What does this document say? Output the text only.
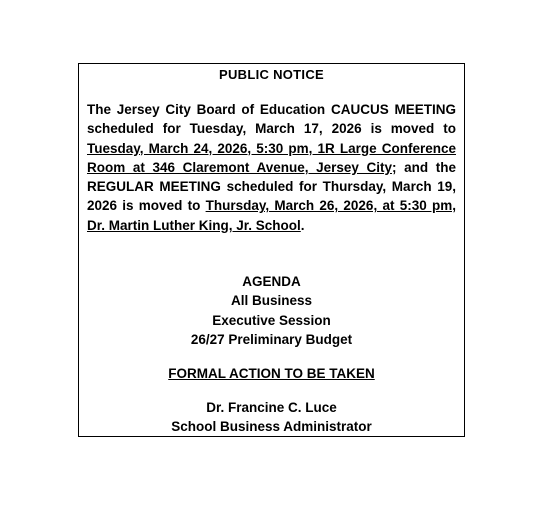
PUBLIC NOTICE
The Jersey City Board of Education CAUCUS MEETING scheduled for Tuesday, March 17, 2026 is moved to Tuesday, March 24, 2026, 5:30 pm, 1R Large Conference Room at 346 Claremont Avenue, Jersey City; and the REGULAR MEETING scheduled for Thursday, March 19, 2026 is moved to Thursday, March 26, 2026, at 5:30 pm, Dr. Martin Luther King, Jr. School.
AGENDA
All Business
Executive Session
26/27 Preliminary Budget
FORMAL ACTION TO BE TAKEN
Dr. Francine C. Luce
School Business Administrator
